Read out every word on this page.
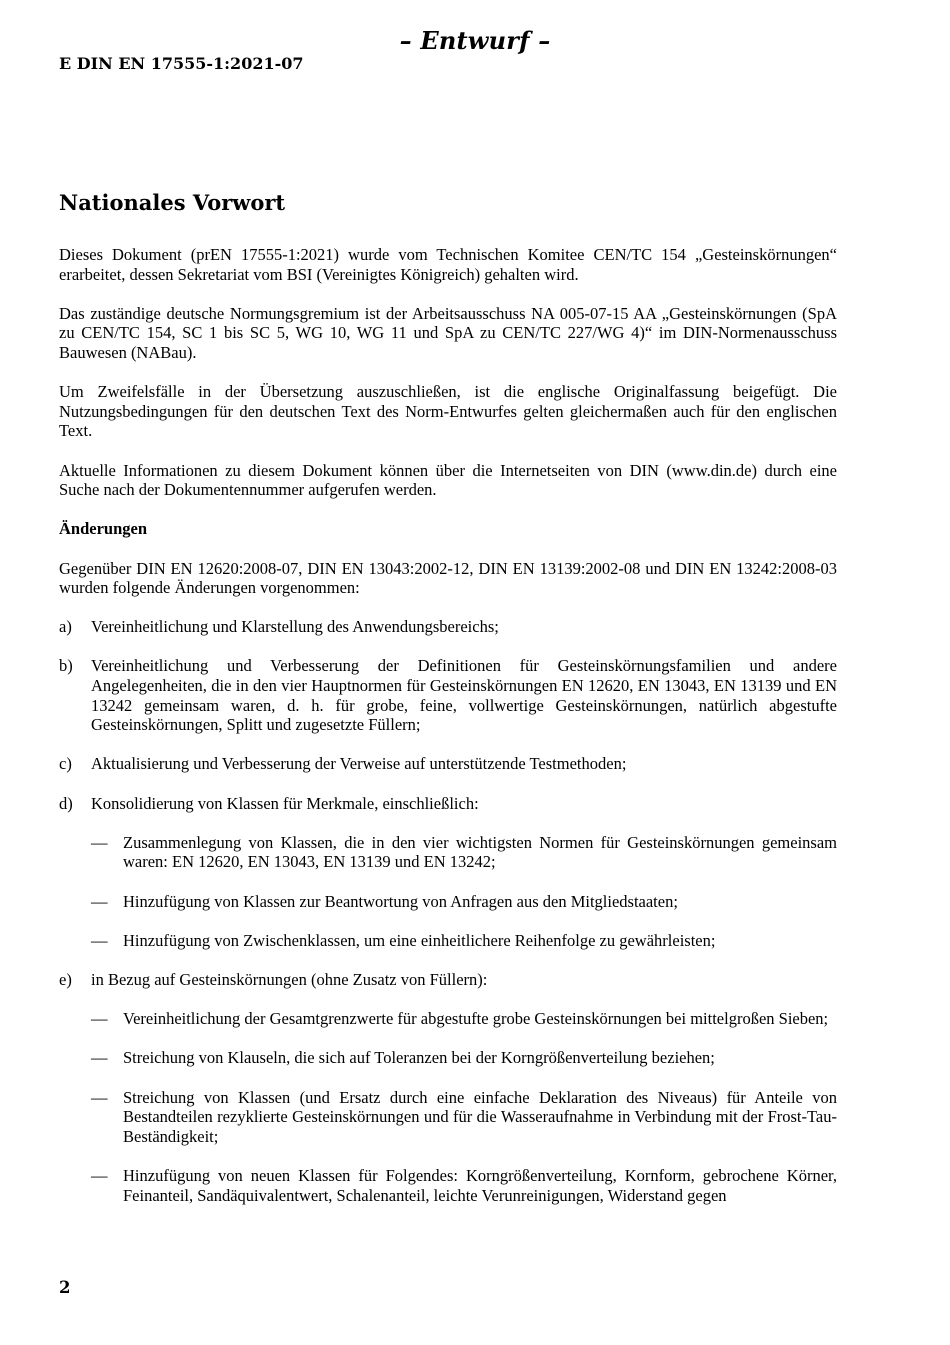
– Entwurf –
E DIN EN 17555-1:2021-07
Nationales Vorwort

Dieses Dokument (prEN 17555-1:2021) wurde vom Technischen Komitee CEN/TC 154 „Gesteinskörnungen“ erarbeitet, dessen Sekretariat vom BSI (Vereinigtes Königreich) gehalten wird.

Das zuständige deutsche Normungsgremium ist der Arbeitsausschuss NA 005-07-15 AA „Gesteinskörnungen (SpA zu CEN/TC 154, SC 1 bis SC 5, WG 10, WG 11 und SpA zu CEN/TC 227/WG 4)“ im DIN-Normenausschuss Bauwesen (NABau).

Um Zweifelsfälle in der Übersetzung auszuschließen, ist die englische Originalfassung beigefügt. Die Nutzungsbedingungen für den deutschen Text des Norm-Entwurfes gelten gleichermaßen auch für den englischen Text.

Aktuelle Informationen zu diesem Dokument können über die Internetseiten von DIN (www.din.de) durch eine Suche nach der Dokumentennummer aufgerufen werden.

Änderungen

Gegenüber DIN EN 12620:2008-07, DIN EN 13043:2002-12, DIN EN 13139:2002-08 und DIN EN 13242:2008-03 wurden folgende Änderungen vorgenommen:

a) Vereinheitlichung und Klarstellung des Anwendungsbereichs;
b) Vereinheitlichung und Verbesserung der Definitionen für Gesteinskörnungsfamilien und andere Angelegenheiten, die in den vier Hauptnormen für Gesteinskörnungen EN 12620, EN 13043, EN 13139 und EN 13242 gemeinsam waren, d. h. für grobe, feine, vollwertige Gesteinskörnungen, natürlich abgestufte Gesteinskörnungen, Splitt und zugesetzte Füllern;
c) Aktualisierung und Verbesserung der Verweise auf unterstützende Testmethoden;
d) Konsolidierung von Klassen für Merkmale, einschließlich:
— Zusammenlegung von Klassen, die in den vier wichtigsten Normen für Gesteinskörnungen gemeinsam waren: EN 12620, EN 13043, EN 13139 und EN 13242;
— Hinzufügung von Klassen zur Beantwortung von Anfragen aus den Mitgliedstaaten;
— Hinzufügung von Zwischenklassen, um eine einheitlichere Reihenfolge zu gewährleisten;
e) in Bezug auf Gesteinskörnungen (ohne Zusatz von Füllern):
— Vereinheitlichung der Gesamtgrenzwerte für abgestufte grobe Gesteinskörnungen bei mittelgroßen Sieben;
— Streichung von Klauseln, die sich auf Toleranzen bei der Korngrößenverteilung beziehen;
— Streichung von Klassen (und Ersatz durch eine einfache Deklaration des Niveaus) für Anteile von Bestandteilen rezyklierte Gesteinskörnungen und für die Wasseraufnahme in Verbindung mit der Frost-Tau-Beständigkeit;
— Hinzufügung von neuen Klassen für Folgendes: Korngrößenverteilung, Kornform, gebrochene Körner, Feinanteil, Sandäquivalentwert, Schalenanteil, leichte Verunreinigungen, Widerstand gegen
2
